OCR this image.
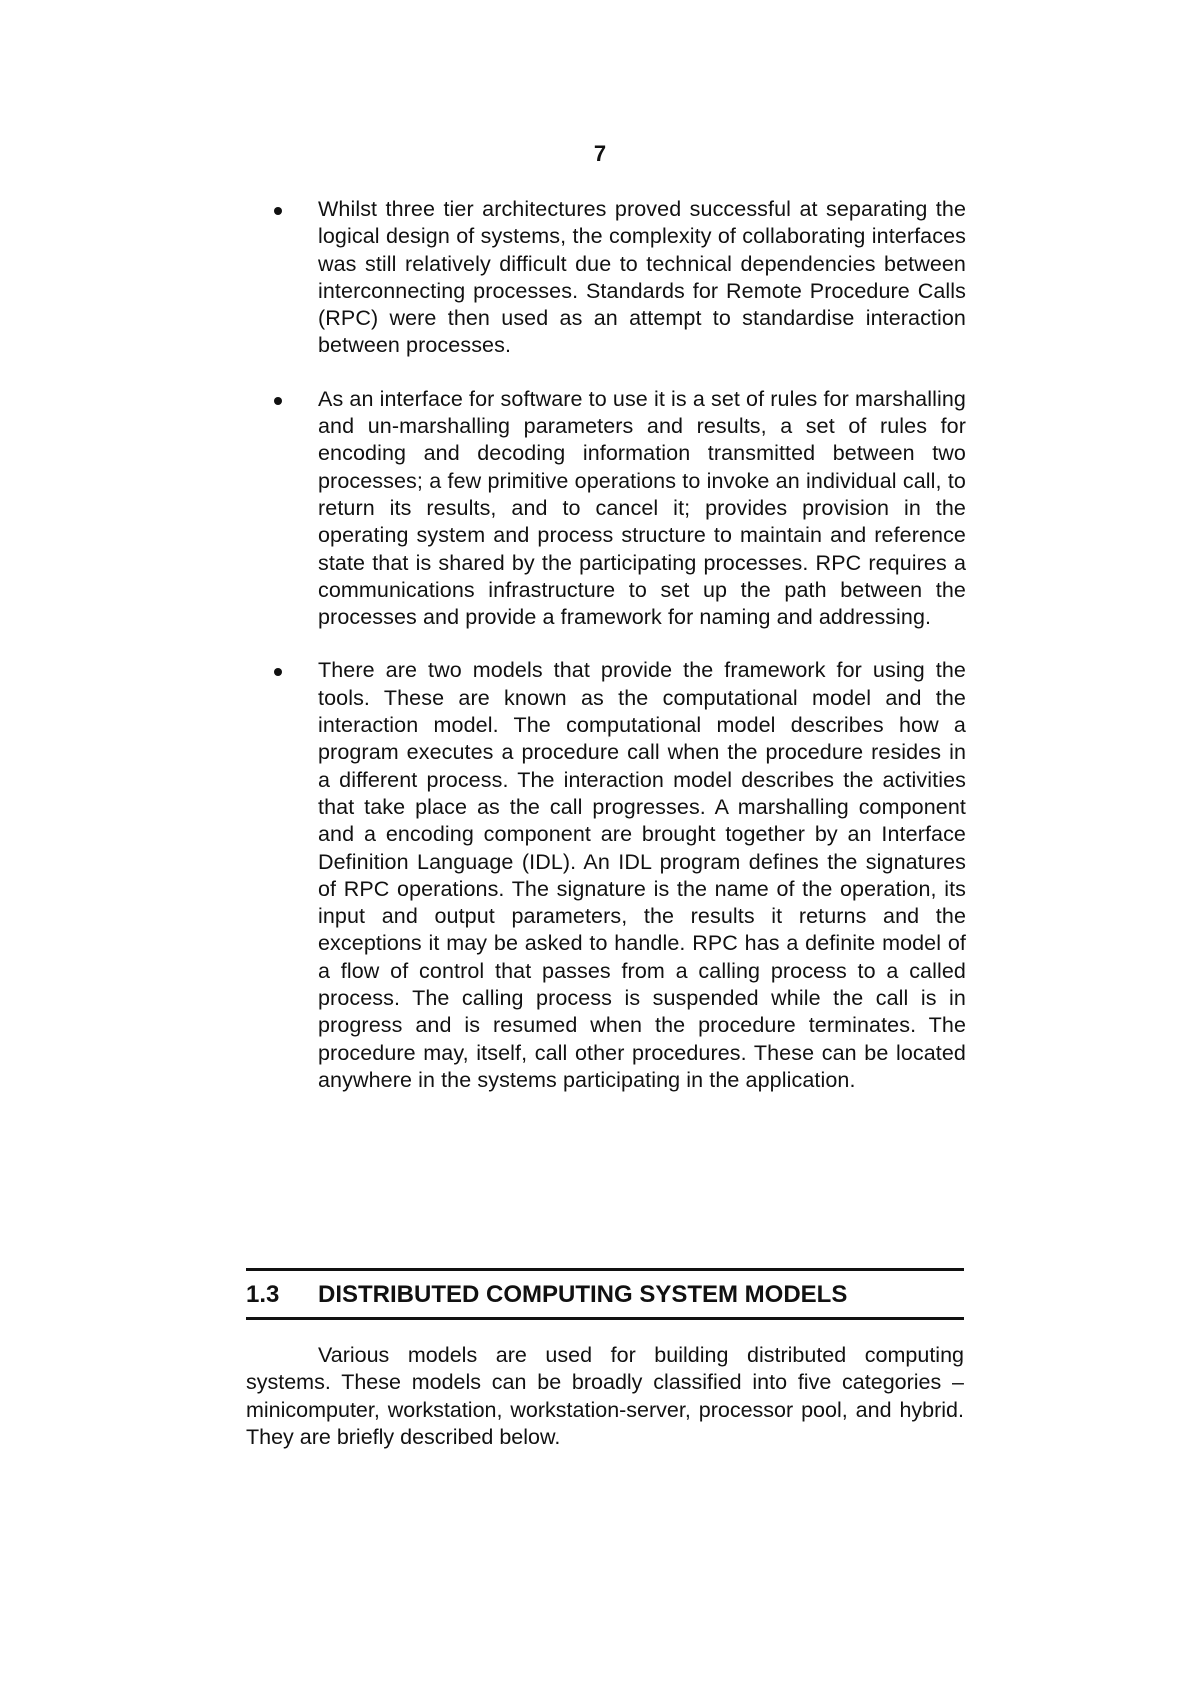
7

Whilst three tier architectures proved successful at separating the logical design of systems, the complexity of collaborating interfaces was still relatively difficult due to technical dependencies between interconnecting processes. Standards for Remote Procedure Calls (RPC) were then used as an attempt to standardise interaction between processes.

As an interface for software to use it is a set of rules for marshalling and un-marshalling parameters and results, a set of rules for encoding and decoding information transmitted between two processes; a few primitive operations to invoke an individual call, to return its results, and to cancel it; provides provision in the operating system and process structure to maintain and reference state that is shared by the participating processes. RPC requires a communications infrastructure to set up the path between the processes and provide a framework for naming and addressing.

There are two models that provide the framework for using the tools. These are known as the computational model and the interaction model. The computational model describes how a program executes a procedure call when the procedure resides in a different process. The interaction model describes the activities that take place as the call progresses. A marshalling component and a encoding component are brought together by an Interface Definition Language (IDL). An IDL program defines the signatures of RPC operations. The signature is the name of the operation, its input and output parameters, the results it returns and the exceptions it may be asked to handle. RPC has a definite model of a flow of control that passes from a calling process to a called process. The calling process is suspended while the call is in progress and is resumed when the procedure terminates. The procedure may, itself, call other procedures. These can be located anywhere in the systems participating in the application.

1.3	DISTRIBUTED COMPUTING SYSTEM MODELS

Various models are used for building distributed computing systems. These models can be broadly classified into five categories – minicomputer, workstation, workstation-server, processor pool, and hybrid. They are briefly described below.
